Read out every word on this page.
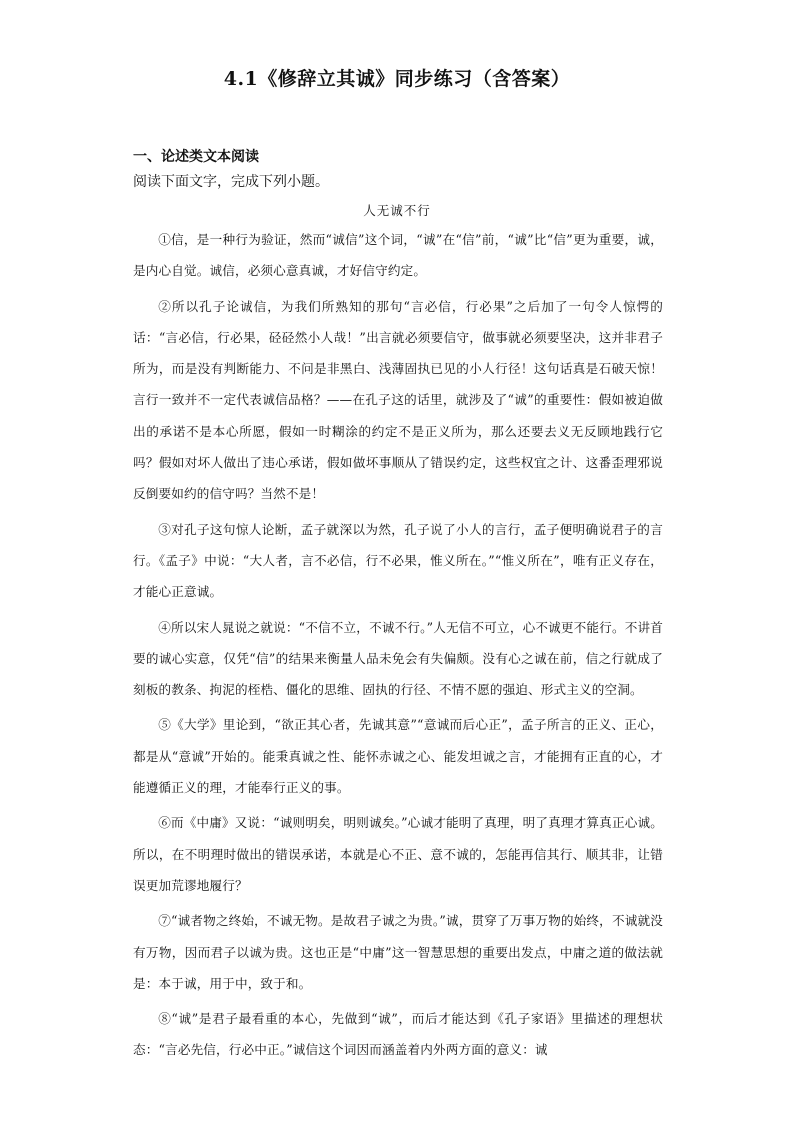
4.1《修辞立其诚》同步练习（含答案）
一、论述类文本阅读
阅读下面文字，完成下列小题。
人无诚不行

①信，是一种行为验证，然而“诚信”这个词，“诚”在“信”前，“诚”比“信”更为重要，诚，是内心自觉。诚信，必须心意真诚，才好信守约定。

②所以孔子论诚信，为我们所熟知的那句“言必信，行必果”之后加了一句令人惊愕的话：“言必信，行必果，硁硁然小人哉！”出言就必须要信守，做事就必须要坚决，这并非君子所为，而是没有判断能力、不问是非黑白、浅薄固执已见的小人行径！这句话真是石破天惊！言行一致并不一定代表诚信品格？——在孔子这的话里，就涉及了“诚”的重要性：假如被迫做出的承诺不是本心所愿，假如一时糊涂的约定不是正义所为，那么还要去义无反顾地践行它吗？假如对坏人做出了违心承诺，假如做坏事顺从了错误约定，这些权宜之计、这番歪理邪说反倒要如约的信守吗？当然不是！

③对孔子这句惊人论断，孟子就深以为然，孔子说了小人的言行，孟子便明确说君子的言行。《孟子》中说：“大人者，言不必信，行不必果，惟义所在。”“惟义所在”，唯有正义存在，才能心正意诚。

④所以宋人晁说之就说：“不信不立，不诚不行。”人无信不可立，心不诚更不能行。不讲首要的诚心实意，仅凭“信”的结果来衡量人品未免会有失偏颇。没有心之诚在前，信之行就成了刻板的教条、拘泥的桎梏、僵化的思维、固执的行径、不情不愿的强迫、形式主义的空洞。

⑤《大学》里论到，“欲正其心者，先诚其意”“意诚而后心正”，孟子所言的正义、正心，都是从“意诚”开始的。能秉真诚之性、能怀赤诚之心、能发坦诚之言，才能拥有正直的心，才能遵循正义的理，才能奉行正义的事。

⑥而《中庸》又说：“诚则明矣，明则诚矣。”心诚才能明了真理，明了真理才算真正心诚。所以，在不明理时做出的错误承诺，本就是心不正、意不诚的，怎能再信其行、顺其非，让错误更加荒谬地履行？

⑦“诚者物之终始，不诚无物。是故君子诚之为贵。”诚，贯穿了万事万物的始终，不诚就没有万物，因而君子以诚为贵。这也正是“中庸”这一智慧思想的重要出发点，中庸之道的做法就是：本于诚，用于中，致于和。

⑧“诚”是君子最看重的本心，先做到“诚”，而后才能达到《孔子家语》里描述的理想状态：“言必先信，行必中正。”诚信这个词因而涵盖着内外两方面的意义：诚
